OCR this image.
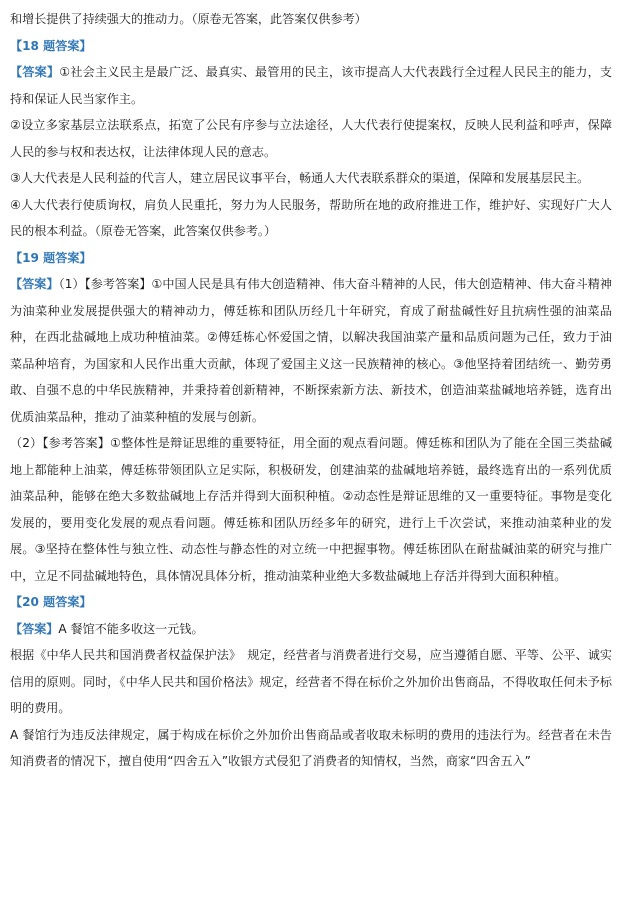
和增长提供了持续强大的推动力。（原卷无答案，此答案仅供参考）

【18 题答案】

【答案】①社会主义民主是最广泛、最真实、最管用的民主，该市提高人大代表践行全过程人民民主的能力，支持和保证人民当家作主。

②设立多家基层立法联系点，拓宽了公民有序参与立法途径，人大代表行使提案权，反映人民利益和呼声，保障人民的参与权和表达权，让法律体现人民的意志。

③人大代表是人民利益的代言人，建立居民议事平台，畅通人大代表联系群众的渠道，保障和发展基层民主。

④人大代表行使质询权，肩负人民重托，努力为人民服务，帮助所在地的政府推进工作，维护好、实现好广大人民的根本利益。（原卷无答案，此答案仅供参考。）

【19 题答案】

【答案】（1）【参考答案】①中国人民是具有伟大创造精神、伟大奋斗精神的人民，伟大创造精神、伟大奋斗精神为油菜种业发展提供强大的精神动力，傅廷栋和团队历经几十年研究，育成了耐盐碱性好且抗病性强的油菜品种，在西北盐碱地上成功种植油菜。②傅廷栋心怀爱国之情，以解决我国油菜产量和品质问题为己任，致力于油菜品种培育，为国家和人民作出重大贡献，体现了爱国主义这一民族精神的核心。③他坚持着团结统一、勤劳勇敢、自强不息的中华民族精神，并秉持着创新精神，不断探索新方法、新技术，创造油菜盐碱地培养链，选育出优质油菜品种，推动了油菜种植的发展与创新。

（2）【参考答案】①整体性是辩证思维的重要特征，用全面的观点看问题。傅廷栋和团队为了能在全国三类盐碱地上都能种上油菜，傅廷栋带领团队立足实际，积极研发，创建油菜的盐碱地培养链，最终选育出的一系列优质油菜品种，能够在绝大多数盐碱地上存活并得到大面积种植。②动态性是辩证思维的又一重要特征。事物是变化发展的，要用变化发展的观点看问题。傅廷栋和团队历经多年的研究，进行上千次尝试，来推动油菜种业的发展。③坚持在整体性与独立性、动态性与静态性的对立统一中把握事物。傅廷栋团队在耐盐碱油菜的研究与推广中，立足不同盐碱地特色，具体情况具体分析，推动油菜种业绝大多数盐碱地上存活并得到大面积种植。

【20 题答案】

【答案】A 餐馆不能多收这一元钱。

根据《中华人民共和国消费者权益保护法》　规定，经营者与消费者进行交易，应当遵循自愿、平等、公平、诚实信用的原则。同时，《中华人民共和国价格法》规定，经营者不得在标价之外加价出售商品，不得收取任何未予标明的费用。

A 餐馆行为违反法律规定，属于构成在标价之外加价出售商品或者收取未标明的费用的违法行为。经营者在未告知消费者的情况下，擅自使用“四舍五入”收银方式侵犯了消费者的知情权，当然，商家“四舍五入”
